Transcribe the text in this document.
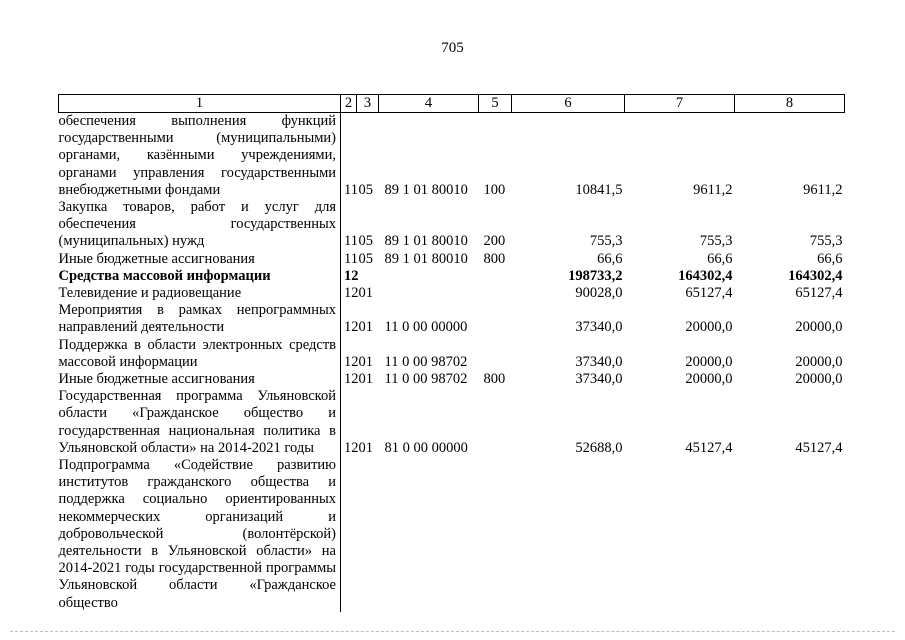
705
1	2	3	4	5	6	7	8
обеспечения выполнения функций государственными (муниципальными) органами, казёнными учреждениями, органами управления государственными внебюджетными фондами	11	05	89 1 01 80010	100	10841,5	9611,2	9611,2
Закупка товаров, работ и услуг для обеспечения государственных (муниципальных) нужд	11	05	89 1 01 80010	200	755,3	755,3	755,3
Иные бюджетные ассигнования	11	05	89 1 01 80010	800	66,6	66,6	66,6
Средства массовой информации	12				198733,2	164302,4	164302,4
Телевидение и радиовещание	12	01			90028,0	65127,4	65127,4
Мероприятия в рамках непрограммных направлений деятельности	12	01	11 0 00 00000		37340,0	20000,0	20000,0
Поддержка в области электронных средств массовой информации	12	01	11 0 00 98702		37340,0	20000,0	20000,0
Иные бюджетные ассигнования	12	01	11 0 00 98702	800	37340,0	20000,0	20000,0
Государственная программа Ульяновской области «Гражданское общество и государственная национальная политика в Ульяновской области» на 2014-2021 годы	12	01	81 0 00 00000		52688,0	45127,4	45127,4
Подпрограмма «Содействие развитию институтов гражданского общества и поддержка социально ориентированных некоммерческих организаций и добровольческой (волонтёрской) деятельности в Ульяновской области» на 2014-2021 годы государственной программы Ульяновской области «Гражданское общество							
